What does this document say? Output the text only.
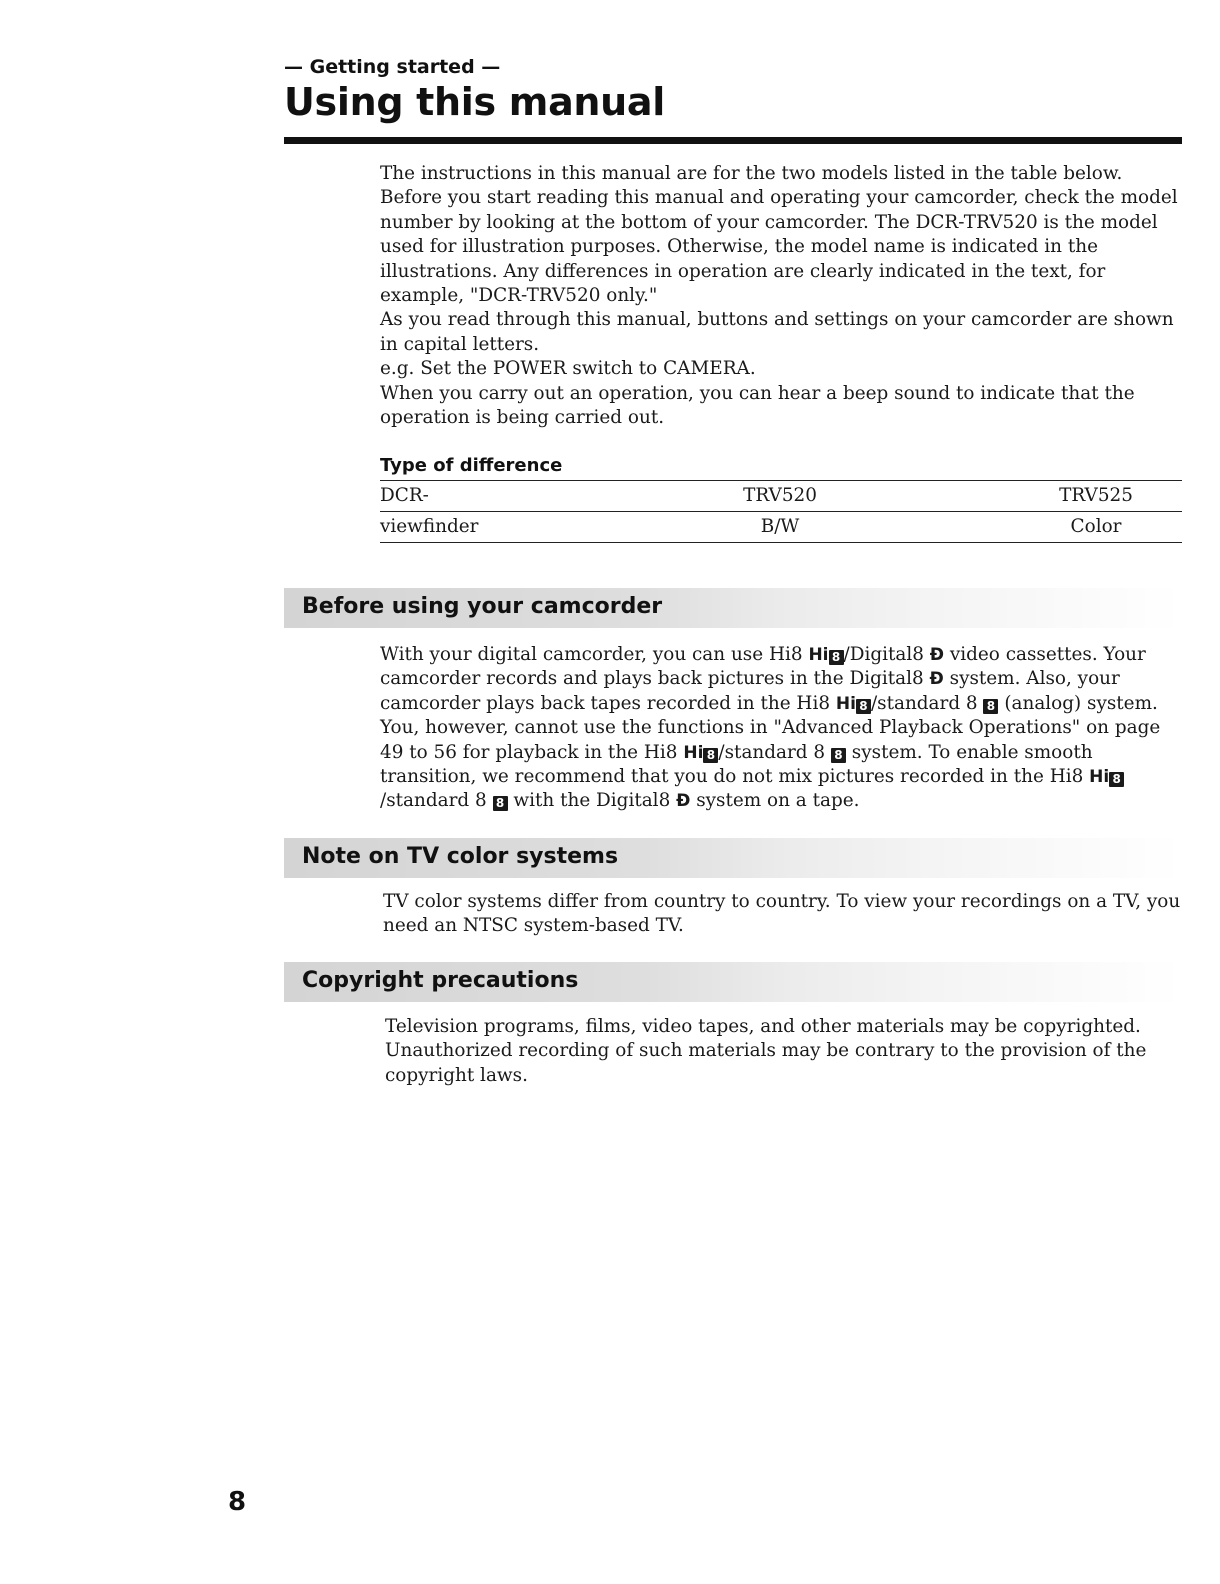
— Getting started —
Using this manual

The instructions in this manual are for the two models listed in the table below. Before you start reading this manual and operating your camcorder, check the model number by looking at the bottom of your camcorder. The DCR-TRV520 is the model used for illustration purposes. Otherwise, the model name is indicated in the illustrations. Any differences in operation are clearly indicated in the text, for example, "DCR-TRV520 only."

As you read through this manual, buttons and settings on your camcorder are shown in capital letters.

e.g. Set the POWER switch to CAMERA.

When you carry out an operation, you can hear a beep sound to indicate that the operation is being carried out.

Type of difference
DCR-	TRV520	TRV525
viewfinder	B/W	Color
Before using your camcorder

With your digital camcorder, you can use Hi8 Hi 8 /Digital8 Ð video cassettes. Your camcorder records and plays back pictures in the Digital8 Ð system. Also, your camcorder plays back tapes recorded in the Hi8 Hi 8 /standard 8 8 (analog) system. You, however, cannot use the functions in "Advanced Playback Operations" on page 49 to 56 for playback in the Hi8 Hi 8 /standard 8 8 system. To enable smooth transition, we recommend that you do not mix pictures recorded in the Hi8 Hi 8/standard 8 8 with the Digital8 Ð system on a tape.

Note on TV color systems

TV color systems differ from country to country. To view your recordings on a TV, you need an NTSC system-based TV.

Copyright precautions

Television programs, films, video tapes, and other materials may be copyrighted. Unauthorized recording of such materials may be contrary to the provision of the copyright laws.

8
